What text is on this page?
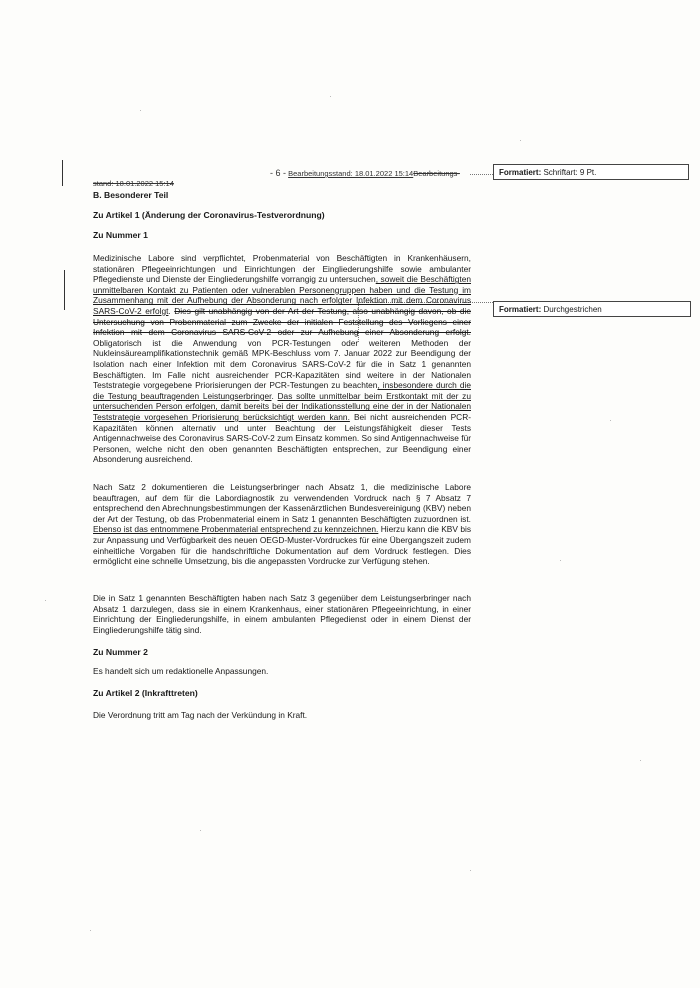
- 6 - Bearbeitungsstand: 18.01.2022 15:14Bearbeitungs-	Formatiert: Schriftart: 9 Pt.
Formatiert: Durchgestrichen
stand: 18.01.2022 15:14
B. Besonderer Teil
Zu Artikel 1 (Änderung der Coronavirus-Testverordnung)
Zu Nummer 1

Medizinische Labore sind verpflichtet, Probenmaterial von Beschäftigten in Krankenhäusern, stationären Pflegeeinrichtungen und Einrichtungen der Eingliederungshilfe sowie ambulanter Pflegedienste und Dienste der Eingliederungshilfe vorrangig zu untersuchen, soweit die Beschäftigten unmittelbaren Kontakt zu Patienten oder vulnerablen Personengruppen haben und die Testung im Zusammenhang mit der Aufhebung der Absonderung nach erfolgter Infektion mit dem Coronavirus SARS-CoV-2 erfolgt. Dies gilt unabhängig von der Art der Testung, also unabhängig davon, ob die Untersuchung von Probenmaterial zum Zwecke der initialen Feststellung des Vorliegens einer Infektion mit dem Coronavirus SARS-CoV-2 oder zur Aufhebung einer Absonderung erfolgt. Obligatorisch ist die Anwendung von PCR-Testungen oder weiteren Methoden der Nukleinsäureamplifikationstechnik gemäß MPK-Beschluss vom 7. Januar 2022 zur Beendigung der Isolation nach einer Infektion mit dem Coronavirus SARS-CoV-2 für die in Satz 1 genannten Beschäftigten. Im Falle nicht ausreichender PCR-Kapazitäten sind weitere in der Nationalen Teststrategie vorgegebene Priorisierungen der PCR-Testungen zu beachten, insbesondere durch die die Testung beauftragenden Leistungserbringer. Das sollte unmittelbar beim Erstkontakt mit der zu untersuchenden Person erfolgen, damit bereits bei der Indikationsstellung eine der in der Nationalen Teststrategie vorgesehen Priorisierung berücksichtigt werden kann. Bei nicht ausreichenden PCR-Kapazitäten können alternativ und unter Beachtung der Leistungsfähigkeit dieser Tests Antigennachweise des Coronavirus SARS-CoV-2 zum Einsatz kommen. So sind Antigennachweise für Personen, welche nicht den oben genannten Beschäftigten entsprechen, zur Beendigung einer Absonderung ausreichend.

Nach Satz 2 dokumentieren die Leistungserbringer nach Absatz 1, die medizinische Labore beauftragen, auf dem für die Labordiagnostik zu verwendenden Vordruck nach § 7 Absatz 7 entsprechend den Abrechnungsbestimmungen der Kassenärztlichen Bundesvereinigung (KBV) neben der Art der Testung, ob das Probenmaterial einem in Satz 1 genannten Beschäftigten zuzuordnen ist. Ebenso ist das entnommene Probenmaterial entsprechend zu kennzeichnen. Hierzu kann die KBV bis zur Anpassung und Verfügbarkeit des neuen OEGD-Muster-Vordruckes für eine Übergangszeit zudem einheitliche Vorgaben für die handschriftliche Dokumentation auf dem Vordruck festlegen. Dies ermöglicht eine schnelle Umsetzung, bis die angepassten Vordrucke zur Verfügung stehen.

Die in Satz 1 genannten Beschäftigten haben nach Satz 3 gegenüber dem Leistungserbringer nach Absatz 1 darzulegen, dass sie in einem Krankenhaus, einer stationären Pflegeeinrichtung, in einer Einrichtung der Eingliederungshilfe, in einem ambulanten Pflegedienst oder in einem Dienst der Eingliederungshilfe tätig sind.

Zu Nummer 2

Es handelt sich um redaktionelle Anpassungen.

Zu Artikel 2 (Inkrafttreten)

Die Verordnung tritt am Tag nach der Verkündung in Kraft.
